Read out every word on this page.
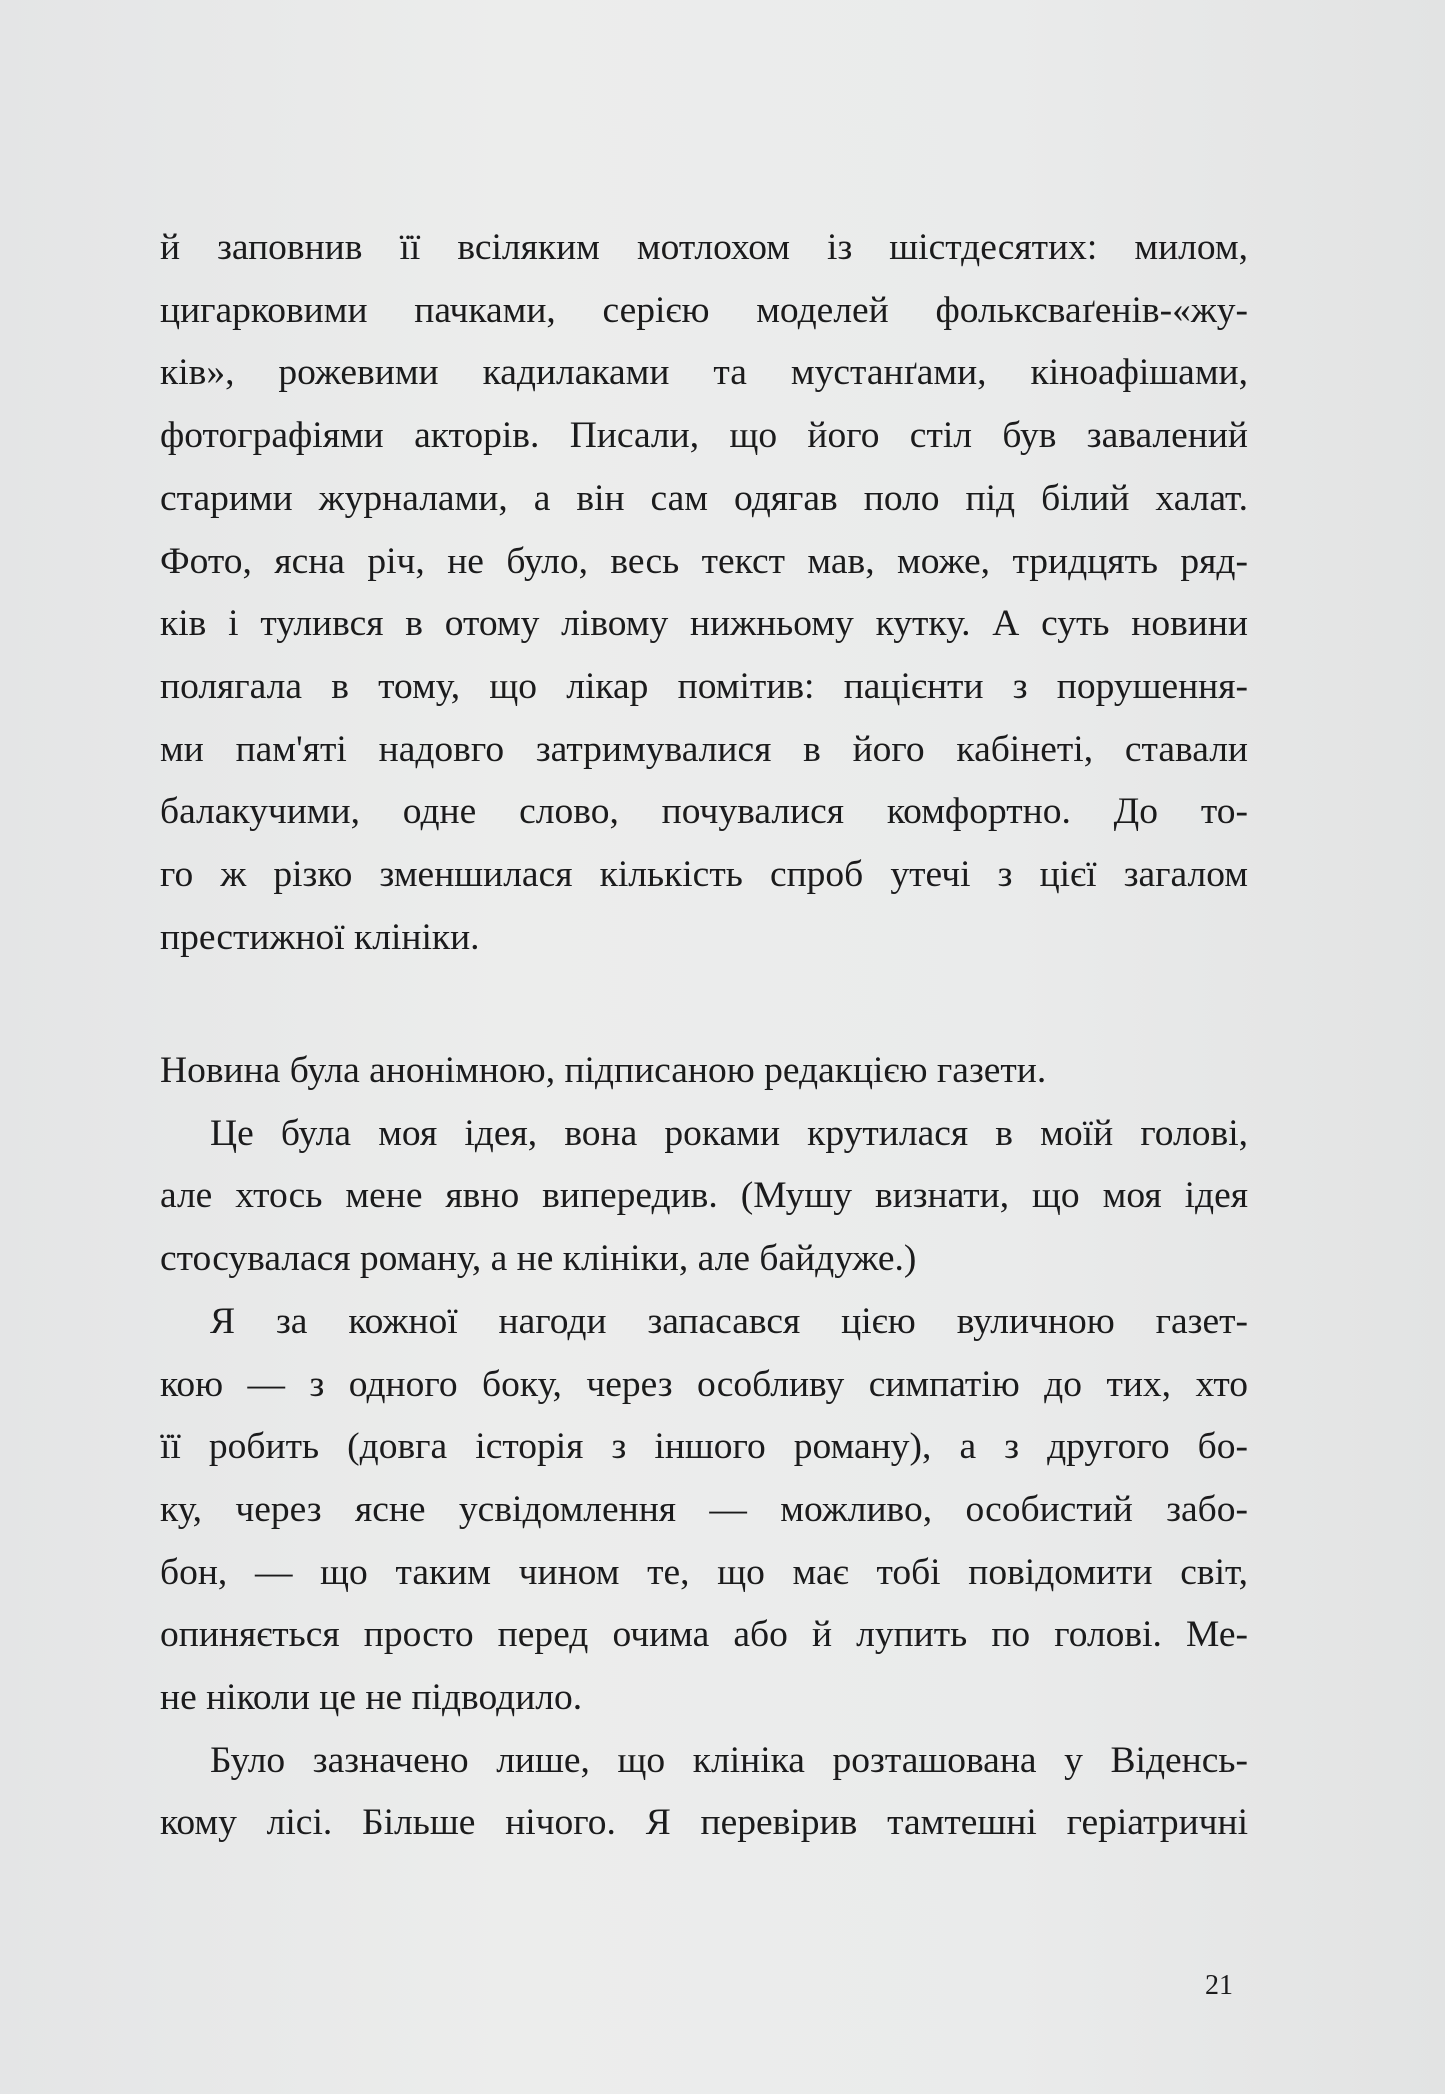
й заповнив її всіляким мотлохом із шістдесятих: милом,

цигарковими пачками, серією моделей фольксваґенів-«жу-

ків», рожевими кадилаками та мустанґами, кіноафішами,

фотографіями акторів. Писали, що його стіл був завалений

старими журналами, а він сам одягав поло під білий халат.

Фото, ясна річ, не було, весь текст мав, може, тридцять ряд-

ків і тулився в отому лівому нижньому кутку. А суть новини

полягала в тому, що лікар помітив: пацієнти з порушення-

ми пам'яті надовго затримувалися в його кабінеті, ставали

балакучими, одне слово, почувалися комфортно. До то-

го ж різко зменшилася кількість спроб утечі з цієї загалом

престижної клініки.

Новина була анонімною, підписаною редакцією газети.

Це була моя ідея, вона роками крутилася в моїй голові,

але хтось мене явно випередив. (Мушу визнати, що моя ідея

стосувалася роману, а не клініки, але байдуже.)

Я за кожної нагоди запасався цією вуличною газет-

кою — з одного боку, через особливу симпатію до тих, хто

її робить (довга історія з іншого роману), а з другого бо-

ку, через ясне усвідомлення — можливо, особистий забо-

бон, — що таким чином те, що має тобі повідомити світ,

опиняється просто перед очима або й лупить по голові. Ме-

не ніколи це не підводило.

Було зазначено лише, що клініка розташована у Віденсь-

кому лісі. Більше нічого. Я перевірив тамтешні геріатричні

21
